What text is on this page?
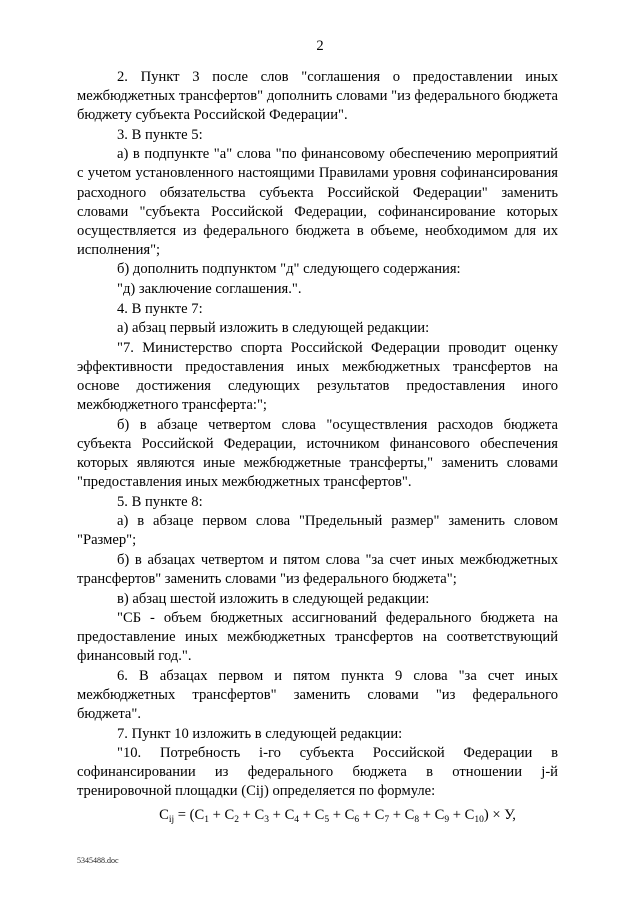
2

2. Пункт 3 после слов "соглашения о предоставлении иных межбюджетных трансфертов" дополнить словами "из федерального бюджета бюджету субъекта Российской Федерации".

3. В пункте 5:

а) в подпункте "а" слова "по финансовому обеспечению мероприятий с учетом установленного настоящими Правилами уровня софинансирования расходного обязательства субъекта Российской Федерации" заменить словами "субъекта Российской Федерации, софинансирование которых осуществляется из федерального бюджета в объеме, необходимом для их исполнения";

б) дополнить подпунктом "д" следующего содержания:

"д) заключение соглашения.".

4. В пункте 7:

а) абзац первый изложить в следующей редакции:

"7. Министерство спорта Российской Федерации проводит оценку эффективности предоставления иных межбюджетных трансфертов на основе достижения следующих результатов предоставления иного межбюджетного трансферта:";

б) в абзаце четвертом слова "осуществления расходов бюджета субъекта Российской Федерации, источником финансового обеспечения которых являются иные межбюджетные трансферты," заменить словами "предоставления иных межбюджетных трансфертов".

5. В пункте 8:

а) в абзаце первом слова "Предельный размер" заменить словом "Размер";

б) в абзацах четвертом и пятом слова "за счет иных межбюджетных трансфертов" заменить словами "из федерального бюджета";

в) абзац шестой изложить в следующей редакции:

"СБ - объем бюджетных ассигнований федерального бюджета на предоставление иных межбюджетных трансфертов на соответствующий финансовый год.".

6. В абзацах первом и пятом пункта 9 слова "за счет иных межбюджетных трансфертов" заменить словами "из федерального бюджета".

7. Пункт 10 изложить в следующей редакции:

"10. Потребность i-го субъекта Российской Федерации в софинансировании из федерального бюджета в отношении j-й тренировочной площадки (Cij) определяется по формуле:

$C_{ij} = (C_1 + C_2 + C_3 + C_4 + C_5 + C_6 + C_7 + C_8 + C_9 + C_{10}) \times У$,
5345488.doc
